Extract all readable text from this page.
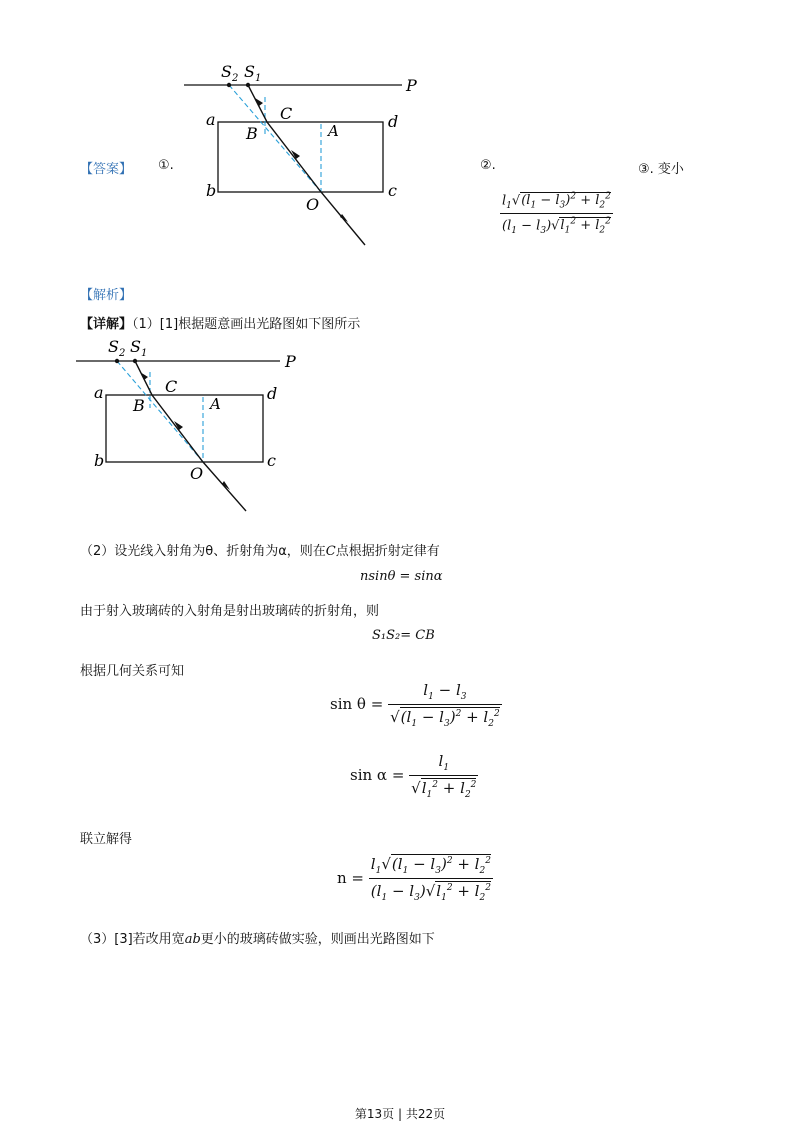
【答案】 ①.	②.	③. 变小
$S_2$ $S_1$	P
a
b	c
d
C
B	A
O	$\frac{l_1√(l_1 - l_3)^2 + l_2^2}{(l_1 - l_3)√l_1^2 + l_2^2}$
【解析】
【详解】（1）[1]根据题意画出光路图如下图所示
$S_2$ $S_1$	P
a
b	c
d
C
B	A
O
（2）设光线入射角为θ、折射角为α，则在C点根据折射定律有
nsinθ = sinα
由于射入玻璃砖的入射角是射出玻璃砖的折射角，则
S₁S₂= CB
根据几何关系可知
$\sin \theta = \frac{l_1 - l_3}{√(l_1 - l_3)^2 + l_2^2}$
$\sin \alpha = \frac{l_1}{√l_1^2 + l_2^2}$
联立解得
$n = \frac{l_1√(l_1 - l_3)^2 + l_2^2}{(l_1 - l_3)√l_1^2 + l_2^2}$
（3）[3]若改用宽ab更小的玻璃砖做实验，则画出光路图如下
第13页 | 共22页
